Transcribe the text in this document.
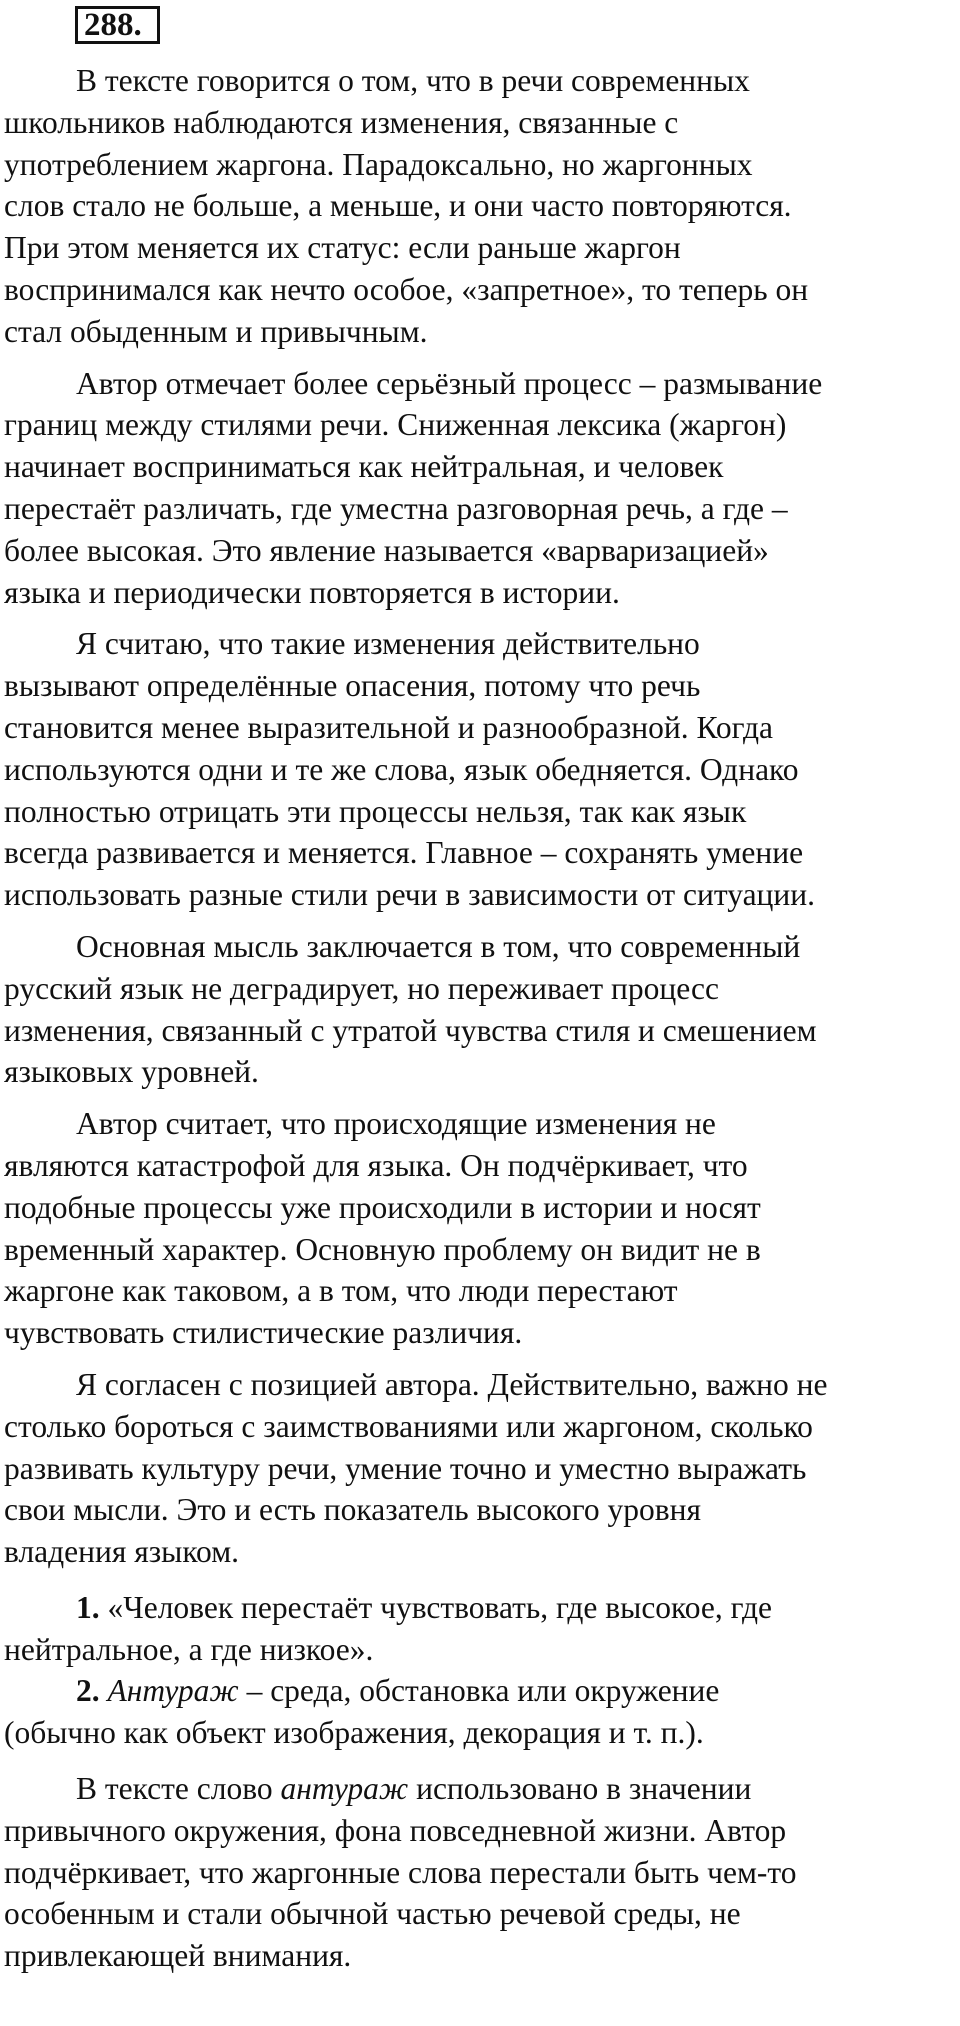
288.

В тексте говорится о том, что в речи современных
школьников наблюдаются изменения, связанные с
употреблением жаргона. Парадоксально, но жаргонных
слов стало не больше, а меньше, и они часто повторяются.
При этом меняется их статус: если раньше жаргон
воспринимался как нечто особое, «запретное», то теперь он
стал обыденным и привычным.

Автор отмечает более серьёзный процесс – размывание
границ между стилями речи. Сниженная лексика (жаргон)
начинает восприниматься как нейтральная, и человек
перестаёт различать, где уместна разговорная речь, а где –
более высокая. Это явление называется «варваризацией»
языка и периодически повторяется в истории.

Я считаю, что такие изменения действительно
вызывают определённые опасения, потому что речь
становится менее выразительной и разнообразной. Когда
используются одни и те же слова, язык обедняется. Однако
полностью отрицать эти процессы нельзя, так как язык
всегда развивается и меняется. Главное – сохранять умение
использовать разные стили речи в зависимости от ситуации.

Основная мысль заключается в том, что современный
русский язык не деградирует, но переживает процесс
изменения, связанный с утратой чувства стиля и смешением
языковых уровней.

Автор считает, что происходящие изменения не
являются катастрофой для языка. Он подчёркивает, что
подобные процессы уже происходили в истории и носят
временный характер. Основную проблему он видит не в
жаргоне как таковом, а в том, что люди перестают
чувствовать стилистические различия.

Я согласен с позицией автора. Действительно, важно не
столько бороться с заимствованиями или жаргоном, сколько
развивать культуру речи, умение точно и уместно выражать
свои мысли. Это и есть показатель высокого уровня
владения языком.

1. «Человек перестаёт чувствовать, где высокое, где
нейтральное, а где низкое».

2. Антураж – среда, обстановка или окружение
(обычно как объект изображения, декорация и т. п.).

В тексте слово антураж использовано в значении
привычного окружения, фона повседневной жизни. Автор
подчёркивает, что жаргонные слова перестали быть чем-то
особенным и стали обычной частью речевой среды, не
привлекающей внимания.
